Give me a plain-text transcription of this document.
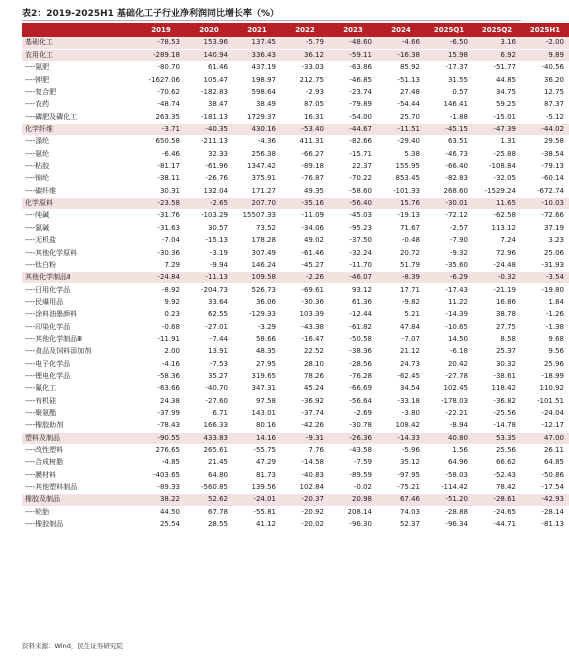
表2：2019-2025H1 基础化工子行业净利润同比增长率（%）
	2019	2020	2021	2022	2023	2024	2025Q1	2025Q2	2025H1
基础化工	-78.53	153.96	137.45	-5.79	-48.60	-4.66	-6.50	3.16	-2.00
农用化工	-289.18	140.94	336.43	36.12	-59.11	-16.38	15.98	6.92	9.89
----氮肥	-80.70	61.46	437.19	-33.03	-63.86	85.92	-17.37	-51.77	-40.56
----钾肥	-1627.06	105.47	198.97	212.75	-46.85	-51.13	31.55	44.85	36.20
----复合肥	-70.62	-182.83	598.64	-2.93	-23.74	27.48	0.57	34.75	12.75
----农药	-48.74	38.47	38.49	87.05	-79.89	-54.44	146.41	59.25	87.37
----磷肥及磷化工	263.35	-181.13	1729.37	16.31	-54.00	25.70	-1.88	-15.01	-5.12
化学纤维	-3.71	-40.35	430.16	-53.40	-44.67	-11.51	-45.15	-47.39	-44.02
----涤纶	650.58	-211.13	-4.36	411.31	-82.66	-29.40	63.51	1.31	29.58
----氨纶	-6.46	32.33	256.38	-66.27	-15.71	5.38	-46.73	-25.88	-38.54
----粘胶	-81.17	-61.96	1347.42	-89.18	22.37	155.95	-66.40	-108.84	-79.13
----锦纶	-38.11	-26.76	375.91	-76.87	-70.22	853.45	-82.83	-32.05	-60.14
----碳纤维	30.31	132.04	171.27	49.35	-58.60	-101.33	268.60	-1529.24	-672.74
化学原料	-23.58	-2.65	207.70	-35.16	-56.40	15.76	-30.01	11.65	-10.03
----纯碱	-31.76	-103.29	15507.33	-11.09	-45.03	-19.13	-72.12	-62.58	-72.66
----氯碱	-31.63	30.57	73.52	-34.06	-95.23	71.67	-2.57	113.12	37.19
----无机盐	-7.04	-15.13	178.28	49.02	-37.50	-0.48	-7.90	7.24	3.23
----其他化学原料	-30.36	-3.19	307.49	-61.46	-32.24	20.72	-9.32	72.96	25.06
----钛白粉	7.29	-9.94	146.24	-45.27	-11.70	51.79	-35.60	-24.48	-31.93
其他化学制品Ⅱ	-24.84	-11.13	109.58	-2.26	-46.07	-8.39	-6.29	-0.32	-3.54
----日用化学品	-8.92	-204.73	526.73	-69.61	93.12	17.71	-17.43	-21.19	-19.80
----民爆用品	9.92	33.64	36.06	-30.36	61.36	-9.82	11.22	16.86	1.84
----涂料油墨颜料	0.23	62.55	-129.33	103.39	-12.44	5.21	-14.39	38.78	-1.26
----印染化学品	-0.68	-27.01	-3.29	-43.38	-61.82	47.84	-10.65	27.75	-1.38
----其他化学制品Ⅲ	-11.91	-7.44	58.66	-16.47	-50.58	-7.07	14.50	8.58	9.68
----食品及饲料添加剂	2.00	13.91	48.35	22.52	-38.36	21.12	-6.18	25.37	9.56
----电子化学品	-4.16	-7.53	27.95	28.10	-28.56	24.73	20.42	30.32	25.96
----锂电化学品	-58.36	35.27	319.65	78.26	-76.28	-62.45	-27.78	-38.61	-18.99
----氟化工	-63.66	-40.70	347.31	45.24	-66.69	34.54	102.45	118.42	110.92
----有机硅	24.38	-27.60	97.58	-36.92	-56.64	-33.18	-178.03	-36.82	-101.51
----聚氨酯	-37.99	6.71	143.01	-37.74	-2.69	-3.80	-22.21	-25.56	-24.04
----橡胶助剂	-78.43	166.33	80.16	-42.26	-30.78	108.42	-8.94	-14.78	-12.17
塑料及制品	-90.55	433.83	14.16	-9.31	-26.36	-14.33	40.80	53.35	47.00
----改性塑料	276.65	265.61	-55.75	7.76	-43.58	-5.96	1.56	25.56	26.11
----合成树脂	-4.85	21.45	47.29	-14.58	-7.59	35.12	64.96	66.62	64.85
----膜材料	-403.65	64.80	81.73	-40.83	-89.59	-97.95	-58.03	-52.43	-50.86
----其他塑料制品	-89.33	-560.85	139.56	102.84	-0.02	-75.21	-114.42	78.42	-17.54
橡胶及制品	38.22	52.62	-24.01	-20.37	20.98	67.46	-51.20	-28.61	-42.93
----轮胎	44.50	67.78	-55.81	-20.92	208.14	74.03	-28.88	-24.65	-28.14
----橡胶制品	25.54	28.55	41.12	-20.02	-96.30	52.37	-96.34	-44.71	-81.13
资料来源：Wind，民生证券研究院
